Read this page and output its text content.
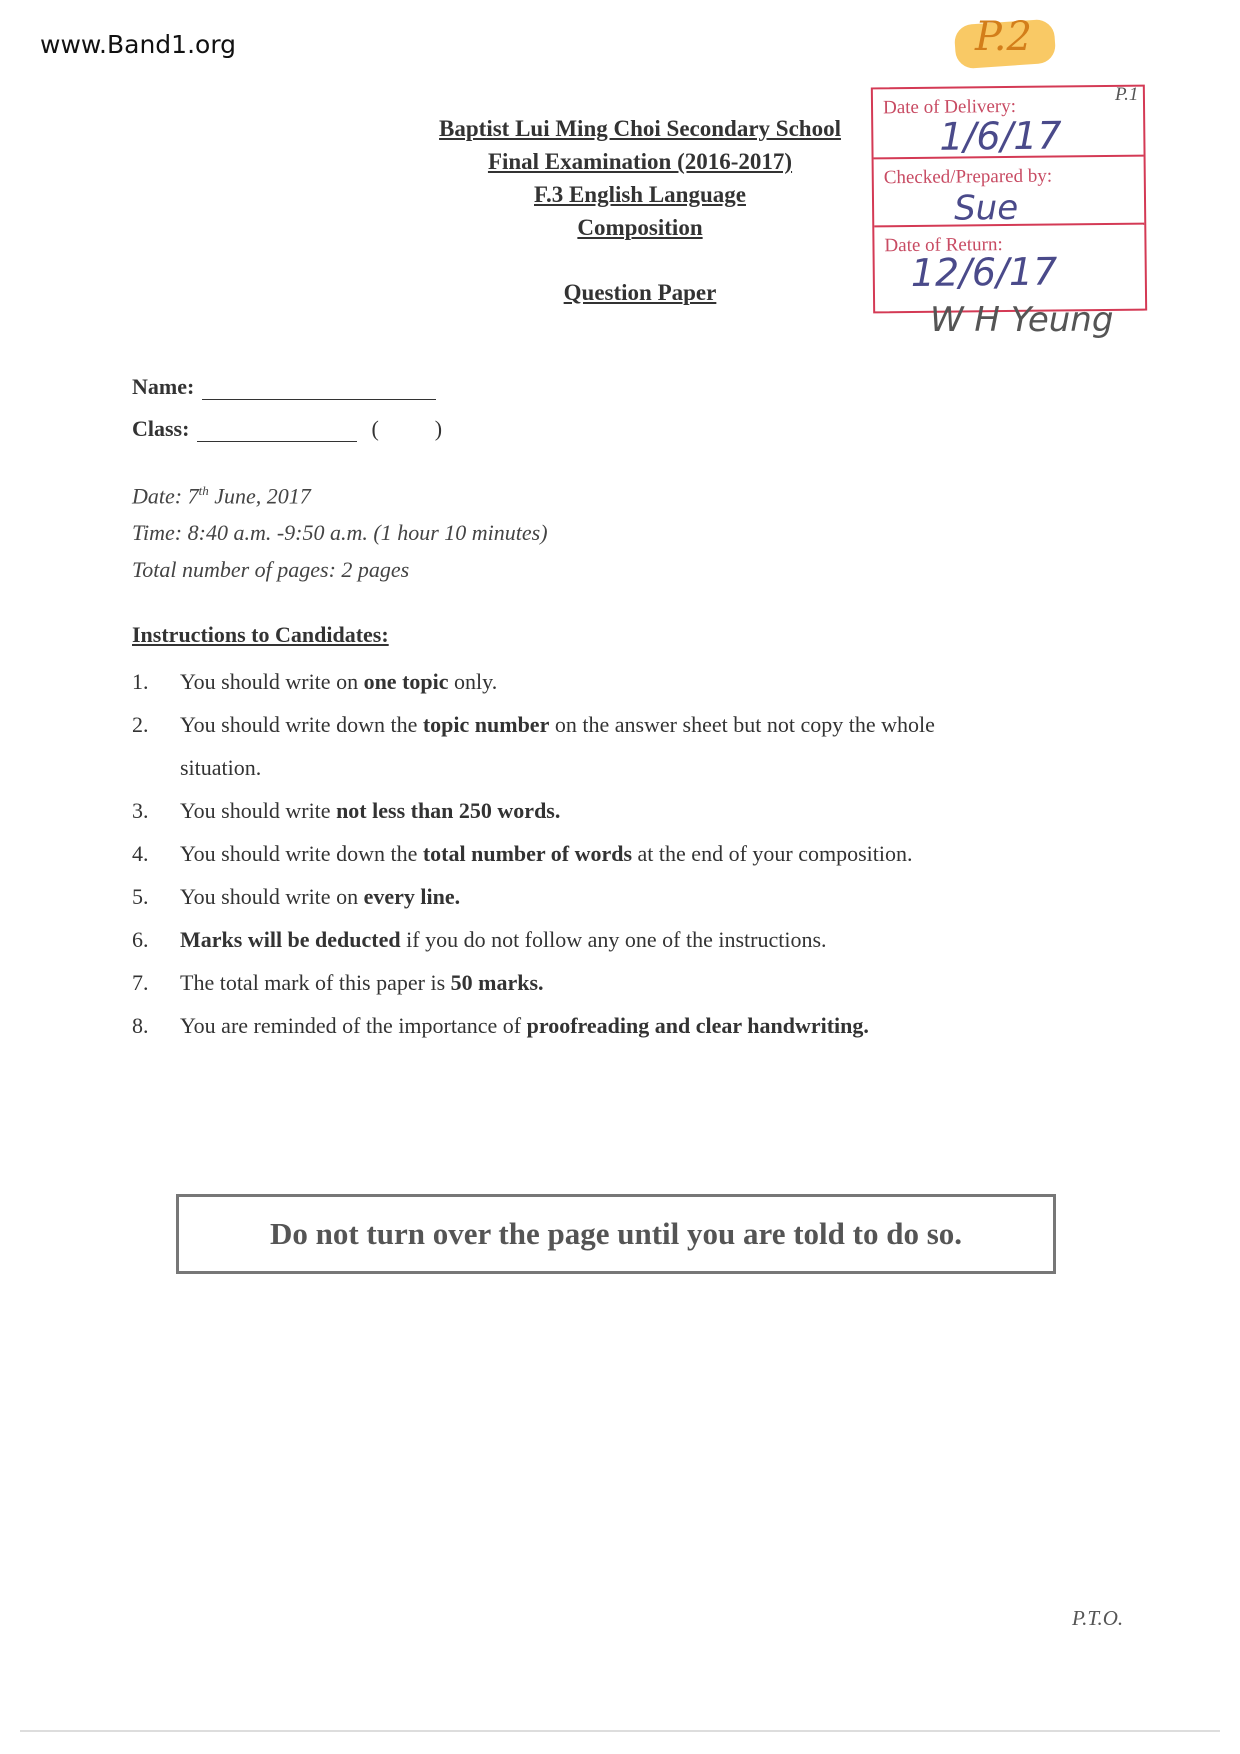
www.Band1.org	P.2
P.1
Baptist Lui Ming Choi Secondary School
Final Examination (2016-2017)
F.3 English Language
Composition
Question Paper
Date of Delivery:
1/6/17
Checked/Prepared by:
Sue
Date of Return:
12/6/17
W H Yeung
Name:
Class:	(	)
Date: 7th June, 2017
Time: 8:40 a.m. -9:50 a.m. (1 hour 10 minutes)
Total number of pages: 2 pages
Instructions to Candidates:
1.	You should write on one topic only.
2.	You should write down the topic number on the answer sheet but not copy the whole
situation.
3.	You should write not less than 250 words.
4.	You should write down the total number of words at the end of your composition.
5.	You should write on every line.
6.	Marks will be deducted if you do not follow any one of the instructions.
7.	The total mark of this paper is 50 marks.
8.	You are reminded of the importance of proofreading and clear handwriting.
Do not turn over the page until you are told to do so.
P.T.O.
